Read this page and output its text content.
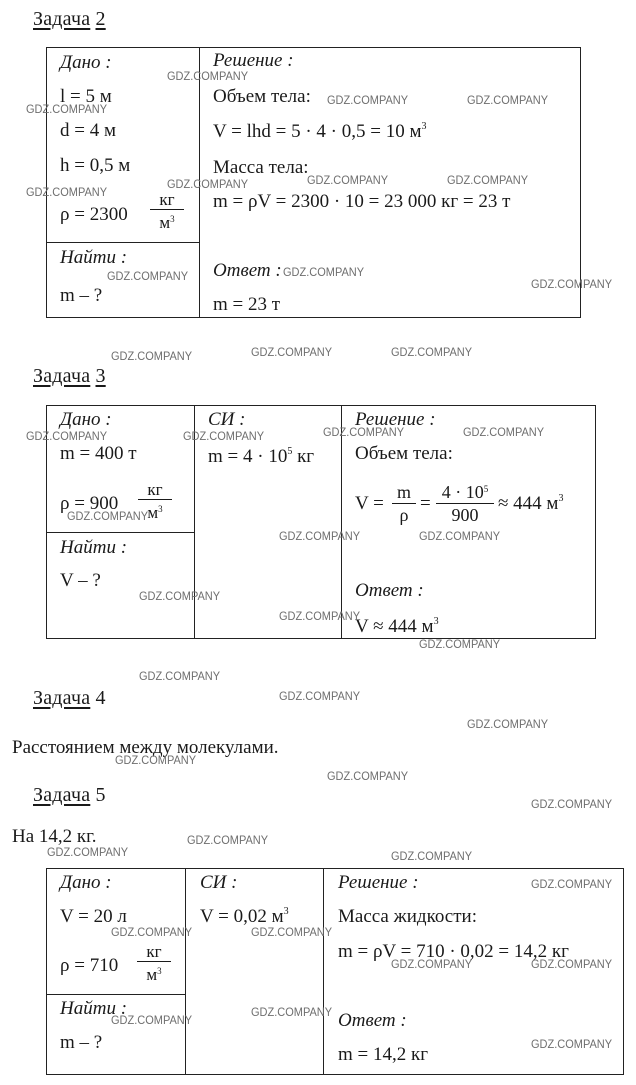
Задача 2
Дано :
l = 5 м
d = 4 м
h = 0,5 м
ρ = 2300
кг
$м^3$
Найти :
m – ?
Решение :
Объем тела:
V = lhd = 5 · 4 · 0,5 = 10 $м^3$
Масса тела:
m = ρV = 2300 · 10 = 23 000 кг = 23 т
Ответ :
m = 23 т
Задача 3
Дано :
m = 400 т
ρ = 900
кг
$м^3$
Найти :
V – ?
СИ :
$m = 4 \cdot 10^5$ кг
Решение :
Объем тела:
$V = \frac{m}{\rho} = \frac{4 \cdot 10^5}{900} \approx 444$ $м^3$
Ответ :
V ≈ 444 $м^3$
Задача 4
Расстоянием между молекулами.
Задача 5
На 14,2 кг.
Дано :
V = 20 л
ρ = 710
кг
$м^3$
Найти :
m – ?
СИ :
V = 0,02 $м^3$
Решение :
Масса жидкости:
m = ρV = 710 · 0,02 = 14,2 кг
Ответ :
m = 14,2 кг
GDZ.COMPANY
GDZ.COMPANY
GDZ.COMPANY	GDZ.COMPANY
GDZ.COMPANY
GDZ.COMPANY	GDZ.COMPANY	GDZ.COMPANY
GDZ.COMPANY	GDZ.COMPANY
GDZ.COMPANY
GDZ.COMPANY	GDZ.COMPANY	GDZ.COMPANY
GDZ.COMPANY	GDZ.COMPANY	GDZ.COMPANY	GDZ.COMPANY
GDZ.COMPANY
GDZ.COMPANY	GDZ.COMPANY
GDZ.COMPANY
GDZ.COMPANY
GDZ.COMPANY
GDZ.COMPANY
GDZ.COMPANY
GDZ.COMPANY
GDZ.COMPANY
GDZ.COMPANY
GDZ.COMPANY
GDZ.COMPANY
GDZ.COMPANY
GDZ.COMPANY
GDZ.COMPANY
GDZ.COMPANY	GDZ.COMPANY
GDZ.COMPANY	GDZ.COMPANY
GDZ.COMPANY
GDZ.COMPANY
GDZ.COMPANY
